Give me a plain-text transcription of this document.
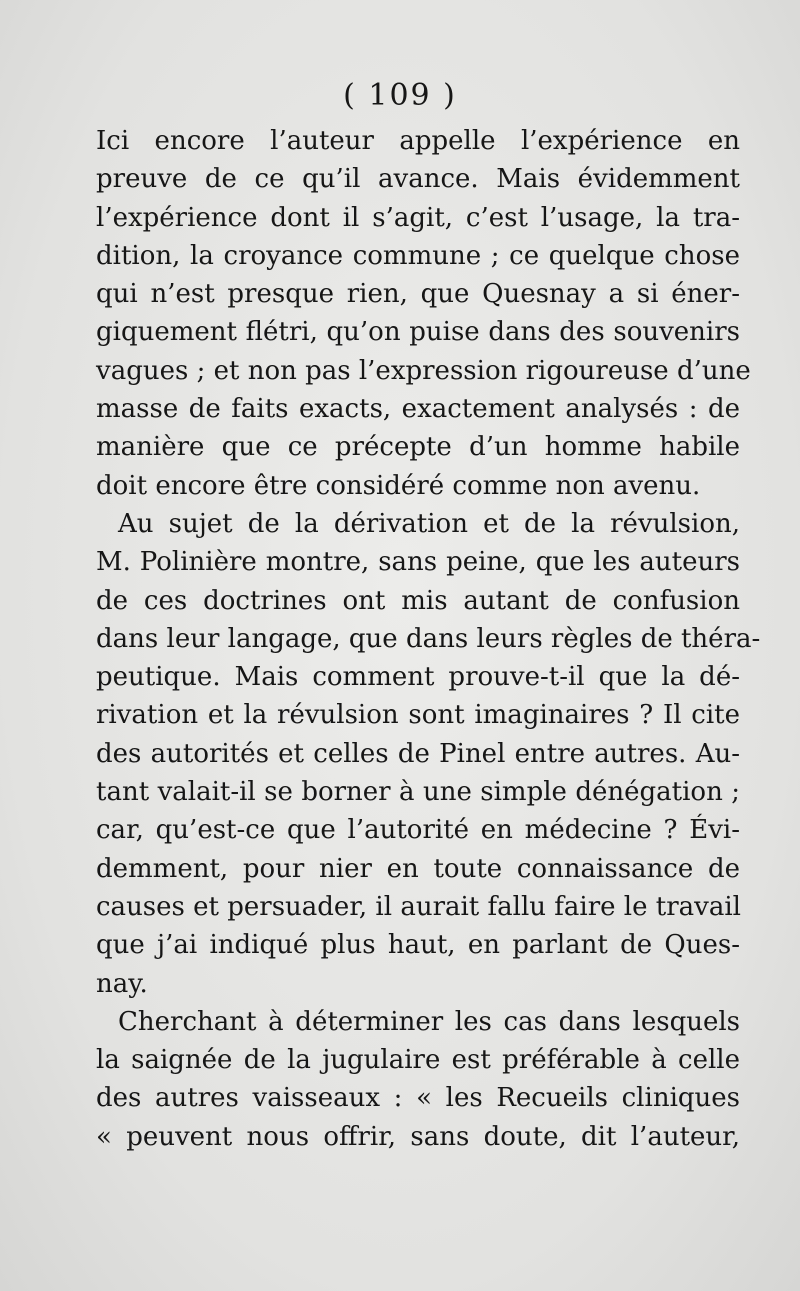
( 109 )
Ici encore l’auteur appelle l’expérience en
preuve de ce qu’il avance. Mais évidemment
l’expérience dont il s’agit, c’est l’usage, la tra-
dition, la croyance commune ; ce quelque chose
qui n’est presque rien, que Quesnay a si éner-
giquement flétri, qu’on puise dans des souvenirs
vagues ; et non pas l’expression rigoureuse d’une
masse de faits exacts, exactement analysés : de
manière que ce précepte d’un homme habile
doit encore être considéré comme non avenu.
Au sujet de la dérivation et de la révulsion,
M. Polinière montre, sans peine, que les auteurs
de ces doctrines ont mis autant de confusion
dans leur langage, que dans leurs règles de théra-
peutique. Mais comment prouve-t-il que la dé-
rivation et la révulsion sont imaginaires ? Il cite
des autorités et celles de Pinel entre autres. Au-
tant valait-il se borner à une simple dénégation ;
car, qu’est-ce que l’autorité en médecine ? Évi-
demment, pour nier en toute connaissance de
causes et persuader, il aurait fallu faire le travail
que j’ai indiqué plus haut, en parlant de Ques-
nay.
Cherchant à déterminer les cas dans lesquels
la saignée de la jugulaire est préférable à celle
des autres vaisseaux : « les Recueils cliniques
« peuvent nous offrir, sans doute, dit l’auteur,
